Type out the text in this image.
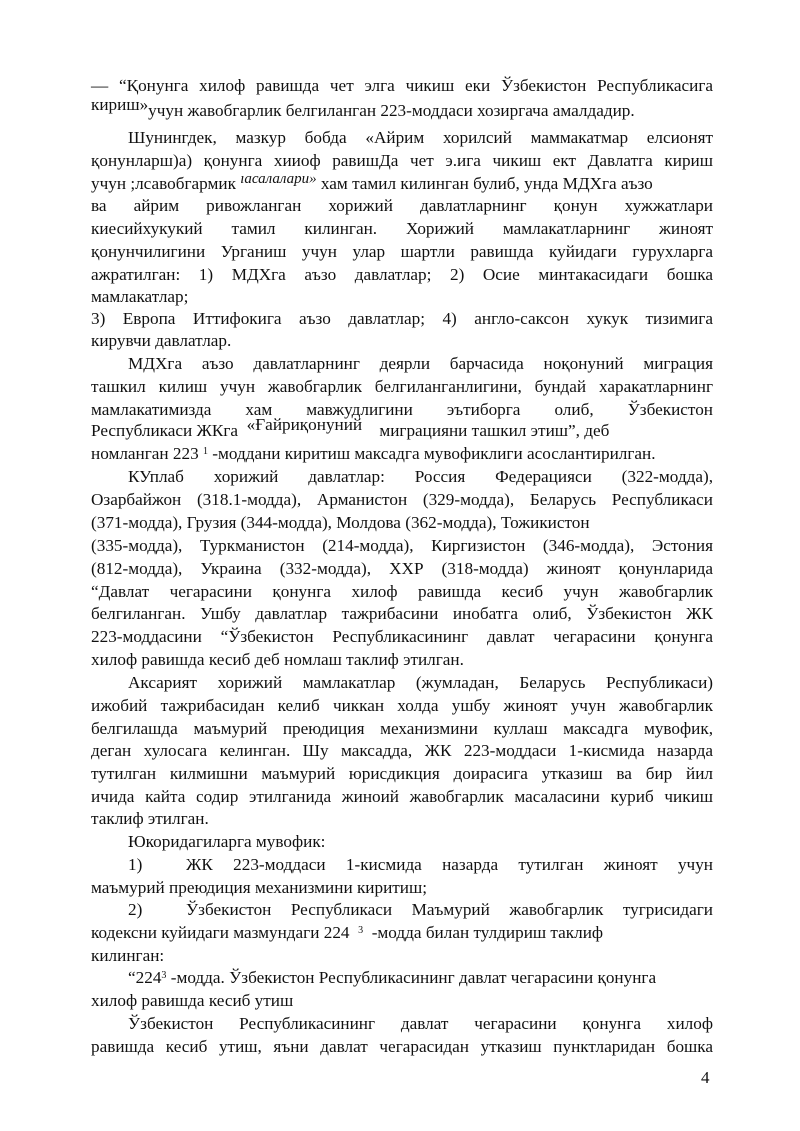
— “Қонунга хилоф равишда чет элга чикиш еки Ўзбекистон Республикасига
кириш»учун жавобгарлик белгиланган 223-моддаси хозиргача амалдадир.
Шунингдек, мазкур бобда «Айрим хорилсий маммакатмар елсионят
қонунларш)а) қонунга хииоф равишДа чет э.ига чикиш ект Давлатга кириш
учун ;лсавобгармик ıасалалари» хам тамил килинган булиб, унда МДХга аъзо
ва айрим ривожланган хорижий давлатларнинг қонун хужжатлари
киесийхукукий тамил килинган. Хорижий мамлакатларнинг жиноят
қонунчилигини Урганиш учун улар шартли равишда куйидаги гурухларга
ажратилган: 1) МДХга аъзо давлатлар; 2) Осие минтакасидаги бошка
мамлакатлар;
3) Европа Иттифокига аъзо давлатлар; 4) англо-саксон хукук тизимига
кирувчи давлатлар.
МДХга аъзо давлатларнинг деярли барчасида ноқонуний миграция
ташкил килиш учун жавобгарлик белгиланганлигини, бундай харакатларнинг
мамлакатимизда хам мавжудлигини эътиборга олиб, Ўзбекистон
Республикаси ЖКга «Ғайриқонуний миграцияни ташкил этиш”, деб
номланган 223 $^1$ -моддани киритиш максадга мувофиклиги асослантирилган.
КУплаб хорижий давлатлар: Россия Федерацияси (322-модда),
Озарбайжон (318.1-модда), Арманистон (329-модда), Беларусь Республикаси
(371-модда), Грузия (344-модда), Молдова (362-модда), Тожикистон
(335-модда), Туркманистон (214-модда), Киргизистон (346-модда), Эстония
(812-модда), Украина (332-модда), ХХР (318-модда) жиноят қонунларида
“Давлат чегарасини қонунга хилоф равишда кесиб учун жавобгарлик
белгиланган. Ушбу давлатлар тажрибасини инобатга олиб, Ўзбекистон ЖК
223-моддасини “Ўзбекистон Республикасининг давлат чегарасини қонунга
хилоф равишда кесиб деб номлаш таклиф этилган.
Аксарият хорижий мамлакатлар (жумладан, Беларусь Республикаси)
ижобий тажрибасидан келиб чиккан холда ушбу жиноят учун жавобгарлик
белгилашда маъмурий преюдиция механизмини куллаш максадга мувофик,
деган хулосага келинган. Шу максадда, ЖК 223-моддаси 1-кисмида назарда
тутилган килмишни маъмурий юрисдикция доирасига утказиш ва бир йил
ичида кайта содир этилганида жиноий жавобгарлик масаласини куриб чикиш
таклиф этилган.
Юкоридагиларга мувофик:
1)	ЖК 223-моддаси 1-кисмида назарда тутилган жиноят учун
маъмурий преюдиция механизмини киритиш;
2)	Ўзбекистон Республикаси Маъмурий жавобгарлик тугрисидаги
кодексни куйидаги мазмундаги 224 $^3$ -модда билан тулдириш таклиф
килинган:
“$224^3$ -модда. Ўзбекистон Республикасининг давлат чегарасини қонунга
хилоф равишда кесиб утиш
Ўзбекистон Республикасининг давлат чегарасини қонунга хилоф
равишда кесиб утиш, яъни давлат чегарасидан утказиш пунктларидан бошка
4
